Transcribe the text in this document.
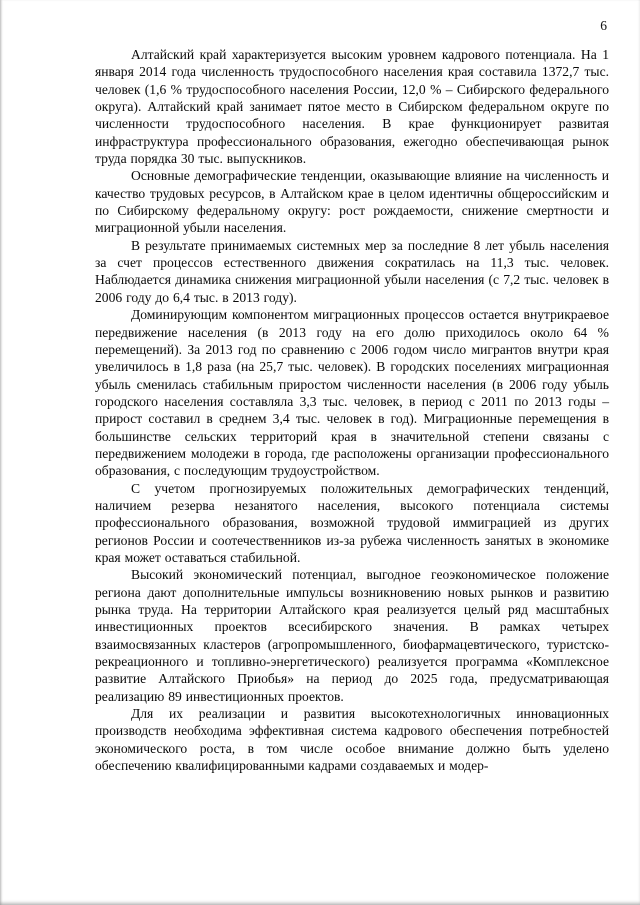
6

Алтайский край характеризуется высоким уровнем кадрового потенциала. На 1 января 2014 года численность трудоспособного населения края составила 1372,7 тыс. человек (1,6 % трудоспособного населения России, 12,0 % – Сибирского федерального округа). Алтайский край занимает пятое место в Сибирском федеральном округе по численности трудоспособного населения. В крае функционирует развитая инфраструктура профессионального образования, ежегодно обеспечивающая рынок труда порядка 30 тыс. выпускников.

Основные демографические тенденции, оказывающие влияние на численность и качество трудовых ресурсов, в Алтайском крае в целом идентичны общероссийским и по Сибирскому федеральному округу: рост рождаемости, снижение смертности и миграционной убыли населения.

В результате принимаемых системных мер за последние 8 лет убыль населения за счет процессов естественного движения сократилась на 11,3 тыс. человек. Наблюдается динамика снижения миграционной убыли населения (с 7,2 тыс. человек в 2006 году до 6,4 тыс. в 2013 году).

Доминирующим компонентом миграционных процессов остается внутрикраевое передвижение населения (в 2013 году на его долю приходилось около 64 % перемещений). За 2013 год по сравнению с 2006 годом число мигрантов внутри края увеличилось в 1,8 раза (на 25,7 тыс. человек). В городских поселениях миграционная убыль сменилась стабильным приростом численности населения (в 2006 году убыль городского населения составляла 3,3 тыс. человек, в период с 2011 по 2013 годы – прирост составил в среднем 3,4 тыс. человек в год). Миграционные перемещения в большинстве сельских территорий края в значительной степени связаны с передвижением молодежи в города, где расположены организации профессионального образования, с последующим трудоустройством.

С учетом прогнозируемых положительных демографических тенденций, наличием резерва незанятого населения, высокого потенциала системы профессионального образования, возможной трудовой иммиграцией из других регионов России и соотечественников из-за рубежа численность занятых в экономике края может оставаться стабильной.

Высокий экономический потенциал, выгодное геоэкономическое положение региона дают дополнительные импульсы возникновению новых рынков и развитию рынка труда. На территории Алтайского края реализуется целый ряд масштабных инвестиционных проектов всесибирского значения. В рамках четырех взаимосвязанных кластеров (агропромышленного, биофармацевтического, туристско-рекреационного и топливно-энергетического) реализуется программа «Комплексное развитие Алтайского Приобья» на период до 2025 года, предусматривающая реализацию 89 инвестиционных проектов.

Для их реализации и развития высокотехнологичных инновационных производств необходима эффективная система кадрового обеспечения потребностей экономического роста, в том числе особое внимание должно быть уделено обеспечению квалифицированными кадрами создаваемых и модер-
